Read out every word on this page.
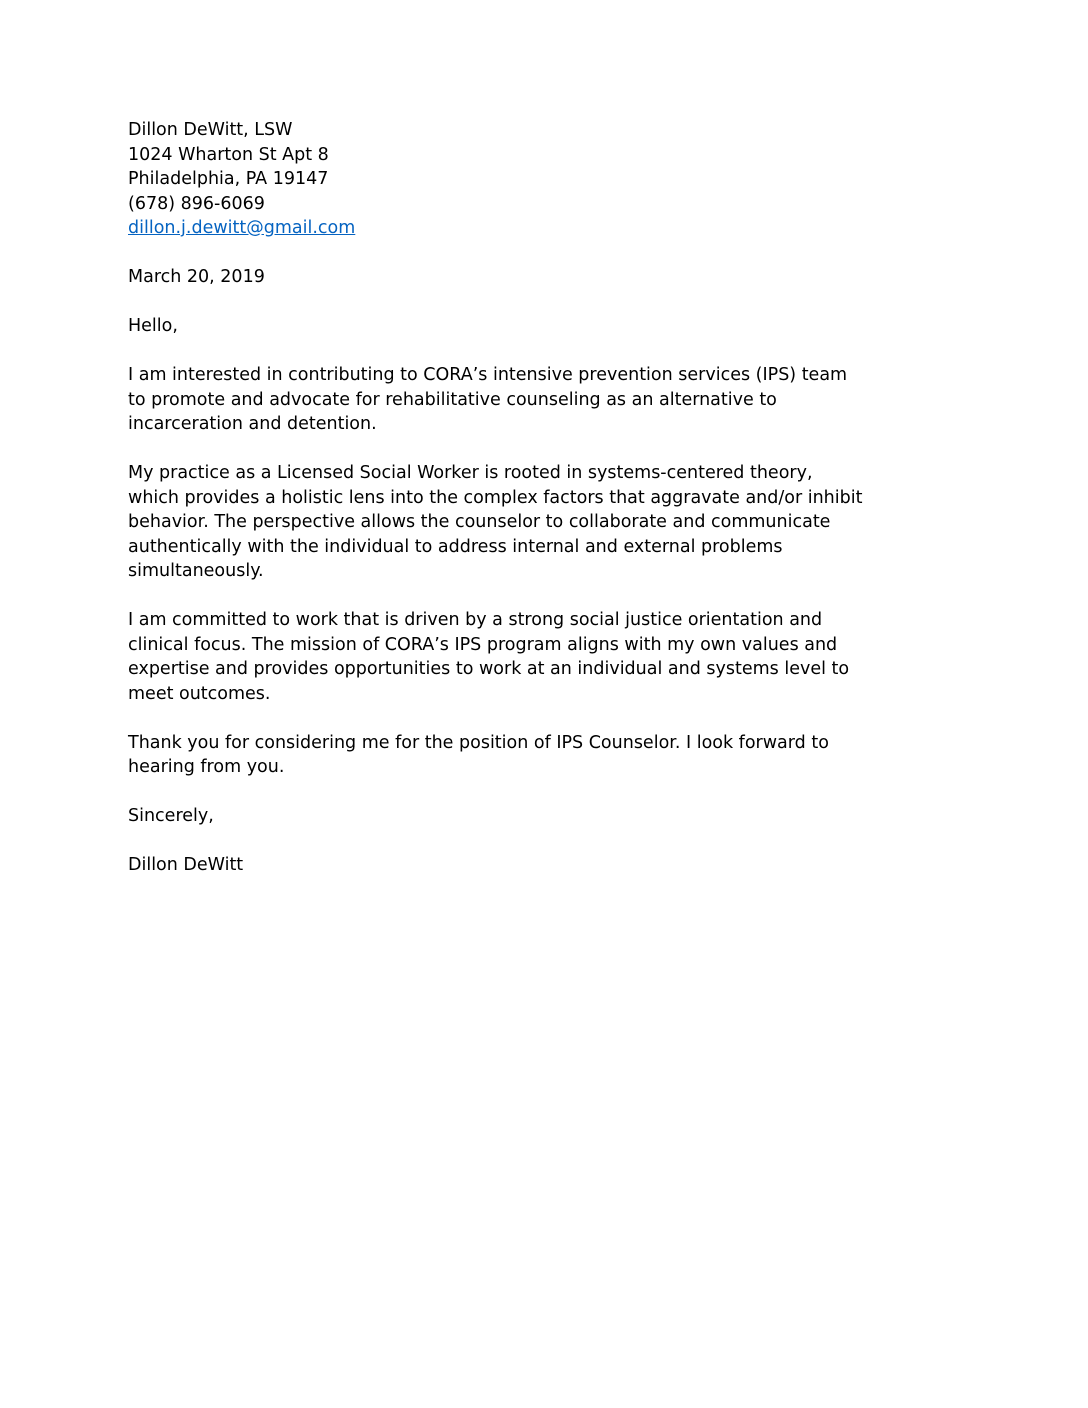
Dillon DeWitt, LSW
1024 Wharton St Apt 8
Philadelphia, PA 19147
(678) 896-6069
dillon.j.dewitt@gmail.com
March 20, 2019
Hello,
I am interested in contributing to CORA’s intensive prevention services (IPS) team
to promote and advocate for rehabilitative counseling as an alternative to
incarceration and detention.
My practice as a Licensed Social Worker is rooted in systems-centered theory,
which provides a holistic lens into the complex factors that aggravate and/or inhibit
behavior. The perspective allows the counselor to collaborate and communicate
authentically with the individual to address internal and external problems
simultaneously.
I am committed to work that is driven by a strong social justice orientation and
clinical focus. The mission of CORA’s IPS program aligns with my own values and
expertise and provides opportunities to work at an individual and systems level to
meet outcomes.
Thank you for considering me for the position of IPS Counselor. I look forward to
hearing from you.
Sincerely,
Dillon DeWitt
